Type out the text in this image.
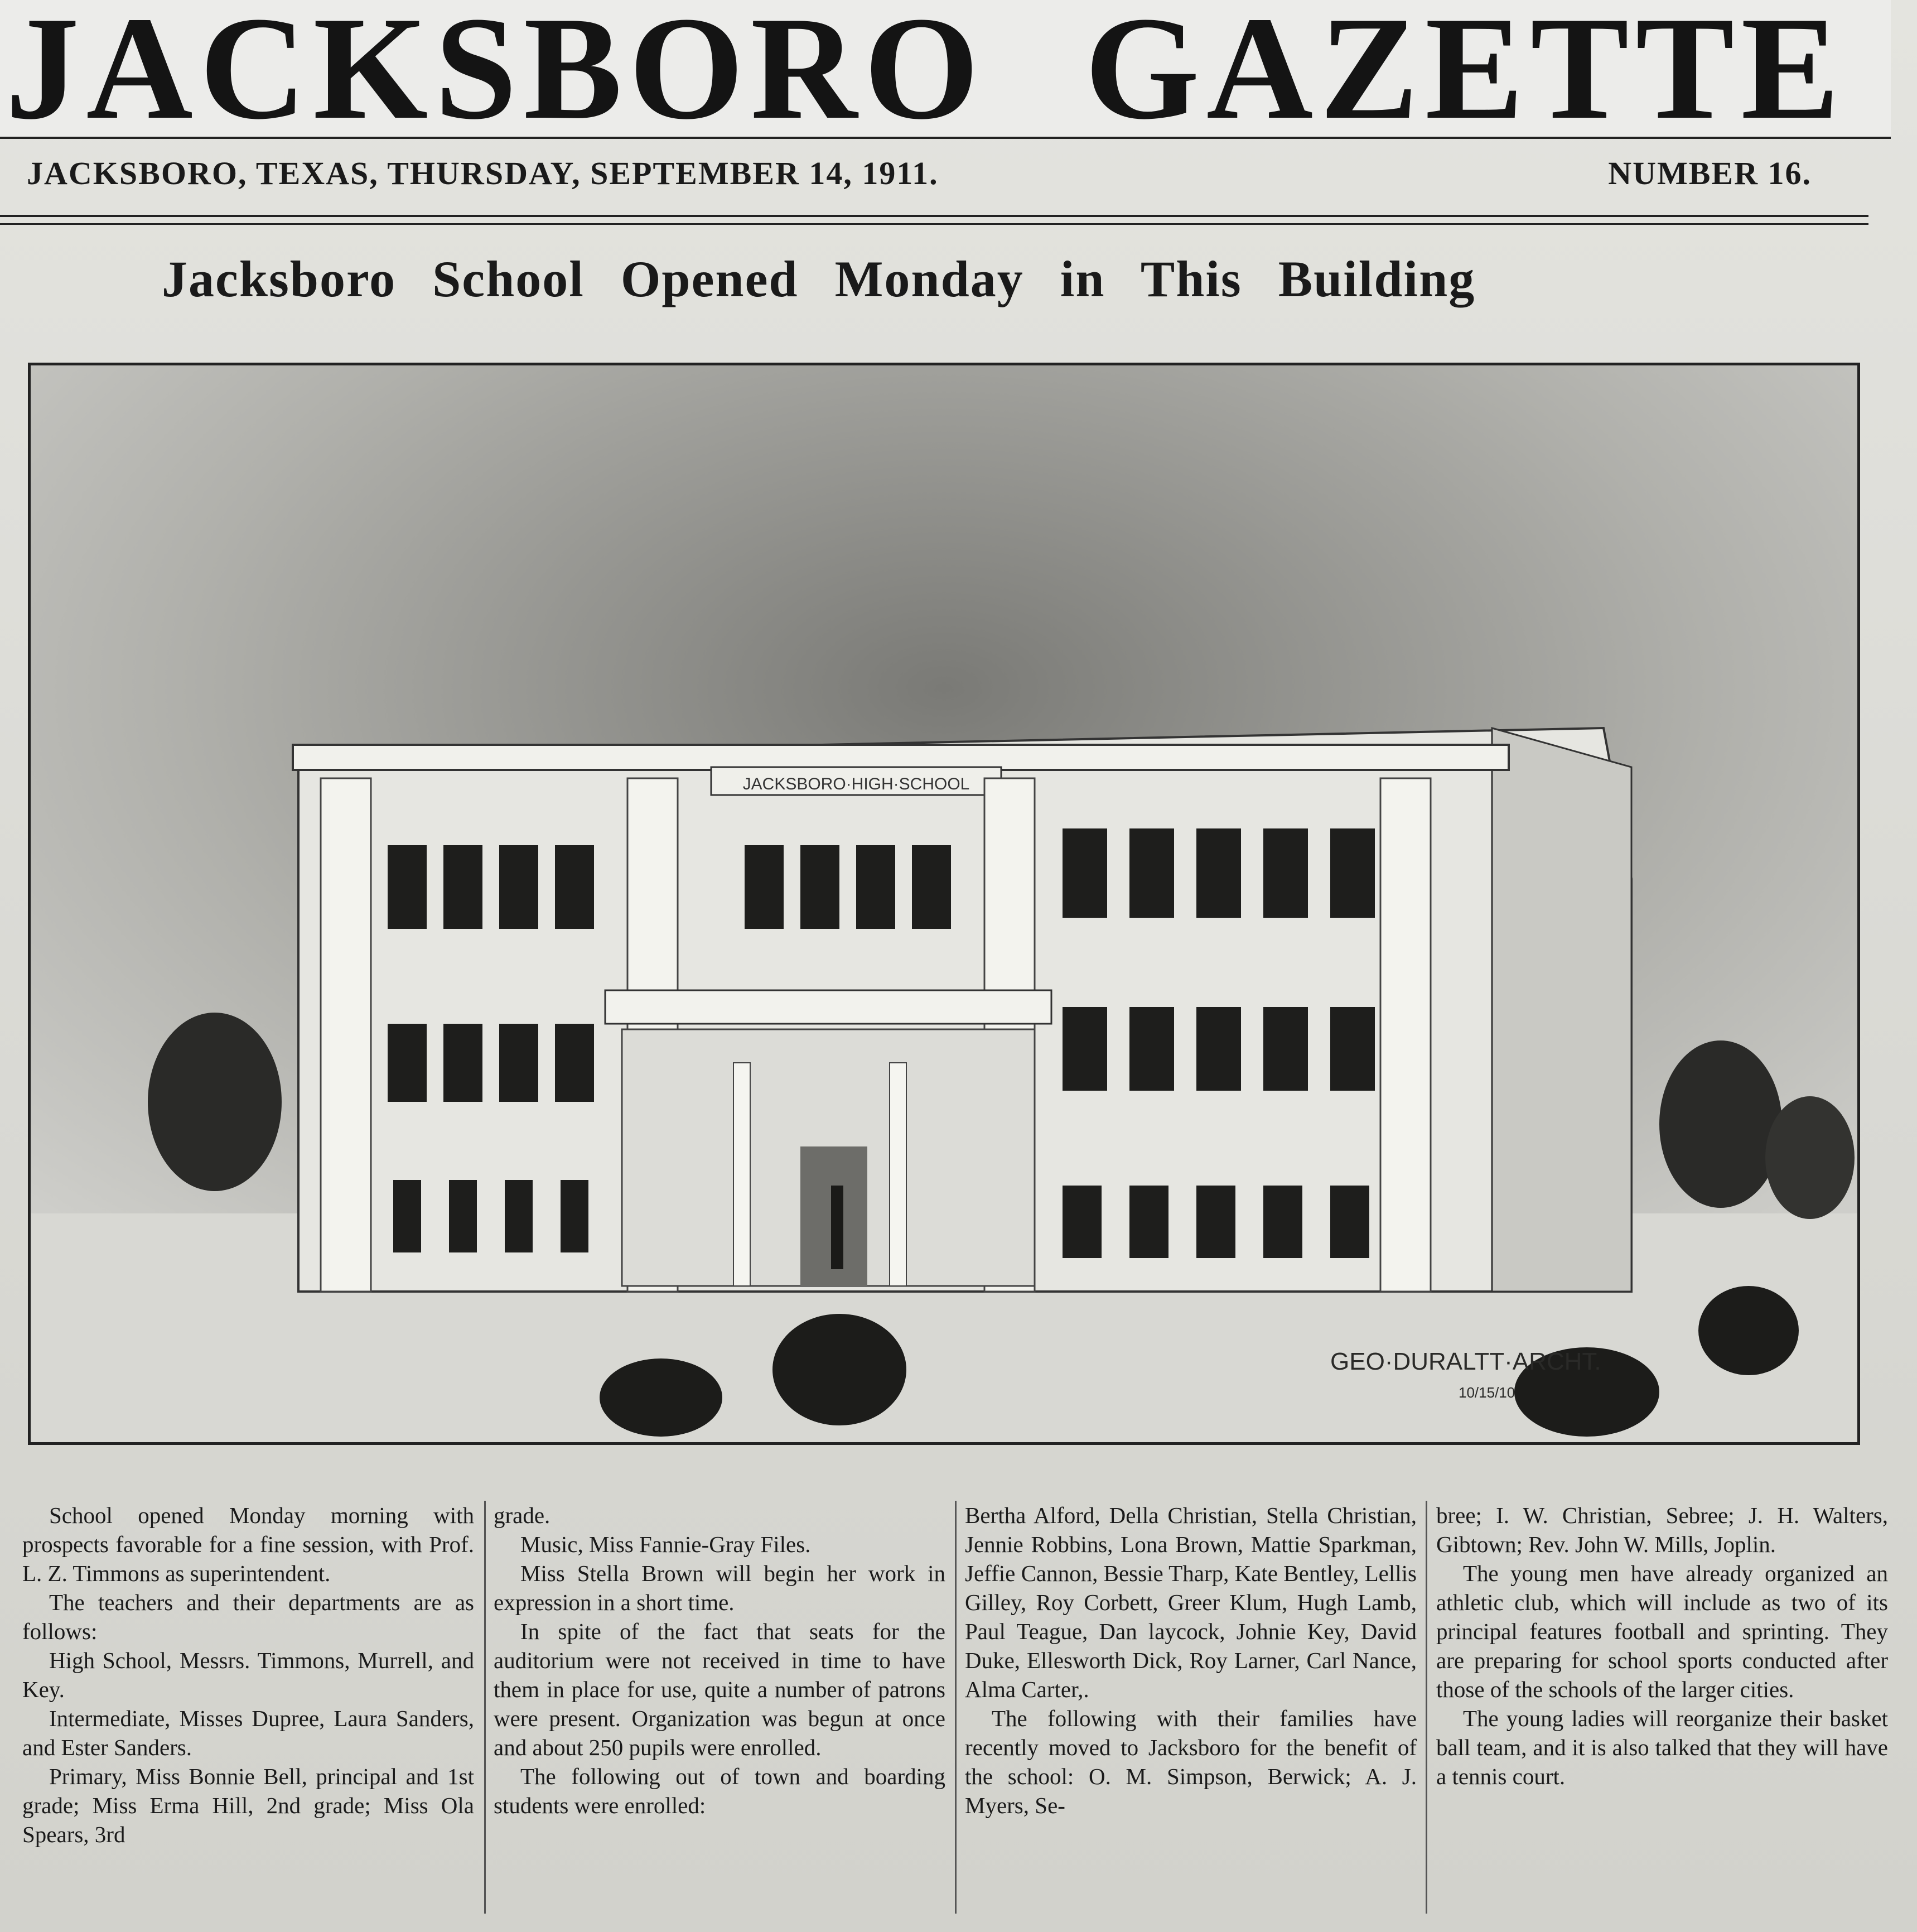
JACKSBORO GAZETTE
JACKSBORO, TEXAS, THURSDAY, SEPTEMBER 14, 1911.	NUMBER 16.
Jacksboro School Opened Monday in This Building
JACKSBORO·HIGH·SCHOOL
GEO·DURALTT·ARCHT.
10/15/10

School opened Monday morning with prospects favorable for a fine session, with Prof. L. Z. Timmons as superintendent.

The teachers and their departments are as follows:

High School, Messrs. Timmons, Murrell, and Key.

Intermediate, Misses Dupree, Laura Sanders, and Ester Sanders.

Primary, Miss Bonnie Bell, principal and 1st grade; Miss Erma Hill, 2nd grade; Miss Ola Spears, 3rd

grade.

Music, Miss Fannie-Gray Files.

Miss Stella Brown will begin her work in expression in a short time.

In spite of the fact that seats for the auditorium were not received in time to have them in place for use, quite a number of patrons were present. Organization was begun at once and about 250 pupils were enrolled.

The following out of town and boarding students were enrolled:

Bertha Alford, Della Christian, Stella Christian, Jennie Robbins, Lona Brown, Mattie Sparkman, Jeffie Cannon, Bessie Tharp, Kate Bentley, Lellis Gilley, Roy Corbett, Greer Klum, Hugh Lamb, Paul Teague, Dan laycock, Johnie Key, David Duke, Ellesworth Dick, Roy Larner, Carl Nance, Alma Carter,.

The following with their families have recently moved to Jacksboro for the benefit of the school: O. M. Simpson, Berwick; A. J. Myers, Se-

bree; I. W. Christian, Sebree; J. H. Walters, Gibtown; Rev. John W. Mills, Joplin.

The young men have already organized an athletic club, which will include as two of its principal features football and sprinting. They are preparing for school sports conducted after those of the schools of the larger cities.

The young ladies will reorganize their basket ball team, and it is also talked that they will have a tennis court.
